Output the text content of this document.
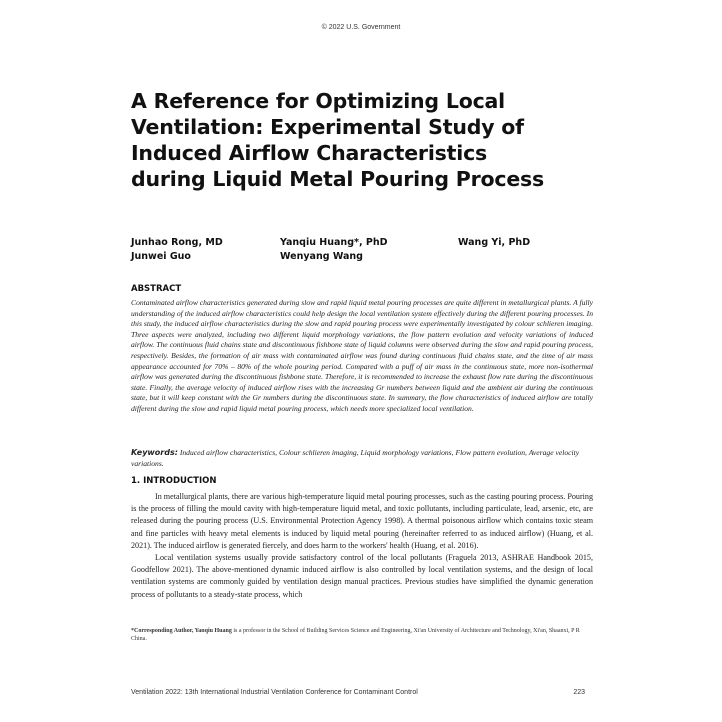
© 2022 U.S. Government
A Reference for Optimizing Local
Ventilation: Experimental Study of
Induced Airflow Characteristics
during Liquid Metal Pouring Process
Junhao Rong, MD
Junwei Guo
Yanqiu Huang*, PhD
Wenyang Wang
Wang Yi, PhD
ABSTRACT
Contaminated airflow characteristics generated during slow and rapid liquid metal pouring processes are quite different in metallurgical plants. A fully understanding of the induced airflow characteristics could help design the local ventilation system effectively during the different pouring processes. In this study, the induced airflow characteristics during the slow and rapid pouring process were experimentally investigated by colour schlieren imaging. Three aspects were analyzed, including two different liquid morphology variations, the flow pattern evolution and velocity variations of induced airflow. The continuous fluid chains state and discontinuous fishbone state of liquid columns were observed during the slow and rapid pouring process, respectively. Besides, the formation of air mass with contaminated airflow was found during continuous fluid chains state, and the time of air mass appearance accounted for 70% – 80% of the whole pouring period. Compared with a puff of air mass in the continuous state, more non-isothermal airflow was generated during the discontinuous fishbone state. Therefore, it is recommended to increase the exhaust flow rate during the discontinuous state. Finally, the average velocity of induced airflow rises with the increasing Gr numbers between liquid and the ambient air during the continuous state, but it will keep constant with the Gr numbers during the discontinuous state. In summary, the flow characteristics of induced airflow are totally different during the slow and rapid liquid metal pouring process, which needs more specialized local ventilation.
Keywords: Induced airflow characteristics, Colour schlieren imaging, Liquid morphology variations, Flow pattern evolution, Average velocity variations.
1. INTRODUCTION

In metallurgical plants, there are various high-temperature liquid metal pouring processes, such as the casting pouring process. Pouring is the process of filling the mould cavity with high-temperature liquid metal, and toxic pollutants, including particulate, lead, arsenic, etc, are released during the pouring process (U.S. Environmental Protection Agency 1998). A thermal poisonous airflow which contains toxic steam and fine particles with heavy metal elements is induced by liquid metal pouring (hereinafter referred to as induced airflow) (Huang, et al. 2021). The induced airflow is generated fiercely, and does harm to the workers' health (Huang, et al. 2016).

Local ventilation systems usually provide satisfactory control of the local pollutants (Fraguela 2013, ASHRAE Handbook 2015, Goodfellow 2021). The above-mentioned dynamic induced airflow is also controlled by local ventilation systems, and the design of local ventilation systems are commonly guided by ventilation design manual practices. Previous studies have simplified the dynamic generation process of pollutants to a steady-state process, which

*Corresponding Author, Yanqiu Huang is a professor in the School of Building Services Science and Engineering, Xi'an University of Architecture and Technology, Xi'an, Shaanxi, P R China.
Ventilation 2022: 13th International Industrial Ventilation Conference for Contaminant Control	223
